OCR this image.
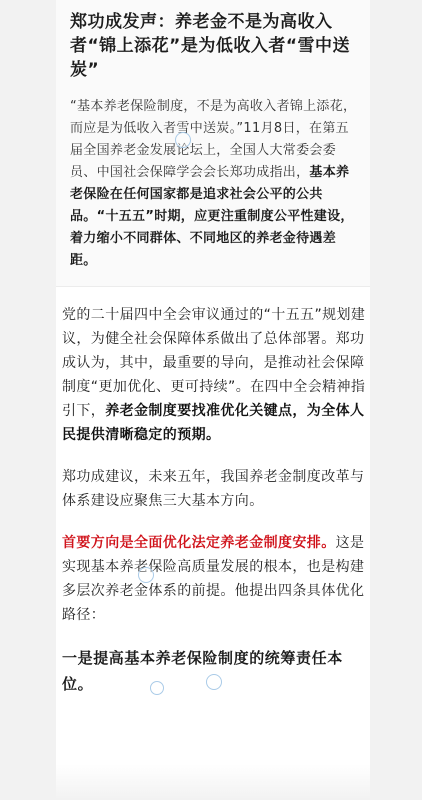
郑功成发声：养老金不是为高收入者“锦上添花”是为低收入者“雪中送炭”

“基本养老保险制度，不是为高收入者锦上添花，而应是为低收入者雪中送炭。”11月8日，在第五届全国养老金发展论坛上，全国人大常委会委员、中国社会保障学会会长郑功成指出，基本养老保险在任何国家都是追求社会公平的公共品。“十五五”时期，应更注重制度公平性建设，着力缩小不同群体、不同地区的养老金待遇差距。

党的二十届四中全会审议通过的“十五五”规划建议，为健全社会保障体系做出了总体部署。郑功成认为，其中，最重要的导向，是推动社会保障制度“更加优化、更可持续”。在四中全会精神指引下，养老金制度要找准优化关键点，为全体人民提供清晰稳定的预期。

郑功成建议，未来五年，我国养老金制度改革与体系建设应聚焦三大基本方向。

首要方向是全面优化法定养老金制度安排。这是实现基本养老保险高质量发展的根本，也是构建多层次养老金体系的前提。他提出四条具体优化路径：

一是提高基本养老保险制度的统筹责任本位。
